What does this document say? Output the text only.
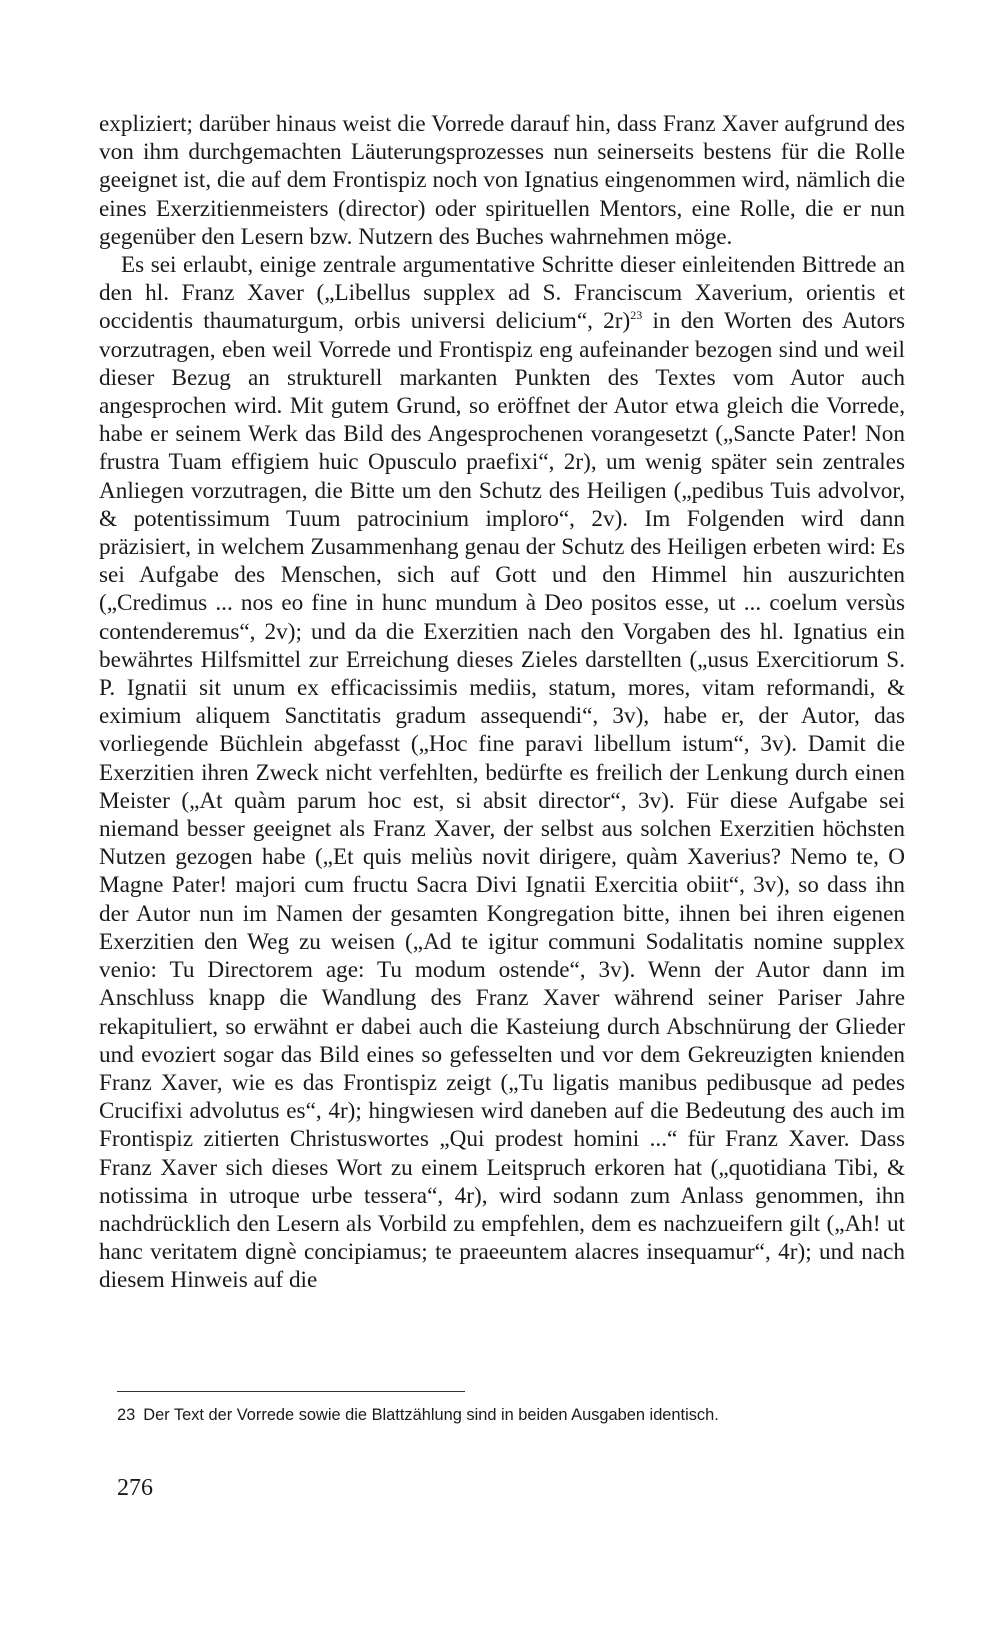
expliziert; darüber hinaus weist die Vorrede darauf hin, dass Franz Xaver aufgrund des von ihm durchgemachten Läuterungsprozesses nun seinerseits bestens für die Rolle geeignet ist, die auf dem Frontispiz noch von Ignatius eingenommen wird, nämlich die eines Exerzitienmeisters (director) oder spirituellen Mentors, eine Rolle, die er nun gegenüber den Lesern bzw. Nutzern des Buches wahrnehmen möge.

Es sei erlaubt, einige zentrale argumentative Schritte dieser einleitenden Bittrede an den hl. Franz Xaver („Libellus supplex ad S. Franciscum Xaverium, orientis et occidentis thaumaturgum, orbis universi delicium“, 2r)$^{23}$ in den Worten des Autors vorzutragen, eben weil Vorrede und Frontispiz eng aufeinander bezogen sind und weil dieser Bezug an strukturell markanten Punkten des Textes vom Autor auch angesprochen wird. Mit gutem Grund, so eröffnet der Autor etwa gleich die Vorrede, habe er seinem Werk das Bild des Angesprochenen vorangesetzt („Sancte Pater! Non frustra Tuam effigiem huic Opusculo praefixi“, 2r), um wenig später sein zentrales Anliegen vorzutragen, die Bitte um den Schutz des Heiligen („pedibus Tuis advolvor, & potentissimum Tuum patrocinium imploro“, 2v). Im Folgenden wird dann präzisiert, in welchem Zusammenhang genau der Schutz des Heiligen erbeten wird: Es sei Aufgabe des Menschen, sich auf Gott und den Himmel hin auszurichten („Credimus ... nos eo fine in hunc mundum à Deo positos esse, ut ... coelum versùs contenderemus“, 2v); und da die Exerzitien nach den Vorgaben des hl. Ignatius ein bewährtes Hilfsmittel zur Erreichung dieses Zieles darstellten („usus Exercitiorum S. P. Ignatii sit unum ex efficacissimis mediis, statum, mores, vitam reformandi, & eximium aliquem Sanctitatis gradum assequendi“, 3v), habe er, der Autor, das vorliegende Büchlein abgefasst („Hoc fine paravi libellum istum“, 3v). Damit die Exerzitien ihren Zweck nicht verfehlten, bedürfte es freilich der Lenkung durch einen Meister („At quàm parum hoc est, si absit director“, 3v). Für diese Aufgabe sei niemand besser geeignet als Franz Xaver, der selbst aus solchen Exerzitien höchsten Nutzen gezogen habe („Et quis meliùs novit dirigere, quàm Xaverius? Nemo te, O Magne Pater! majori cum fructu Sacra Divi Ignatii Exercitia obiit“, 3v), so dass ihn der Autor nun im Namen der gesamten Kongregation bitte, ihnen bei ihren eigenen Exerzitien den Weg zu weisen („Ad te igitur communi Sodalitatis nomine supplex venio: Tu Directorem age: Tu modum ostende“, 3v). Wenn der Autor dann im Anschluss knapp die Wandlung des Franz Xaver während seiner Pariser Jahre rekapituliert, so erwähnt er dabei auch die Kasteiung durch Abschnürung der Glieder und evoziert sogar das Bild eines so gefesselten und vor dem Gekreuzigten knienden Franz Xaver, wie es das Frontispiz zeigt („Tu ligatis manibus pedibusque ad pedes Crucifixi advolutus es“, 4r); hingwiesen wird daneben auf die Bedeutung des auch im Frontispiz zitierten Christuswortes „Qui prodest homini ...“ für Franz Xaver. Dass Franz Xaver sich dieses Wort zu einem Leitspruch erkoren hat („quotidiana Tibi, & notissima in utroque urbe tessera“, 4r), wird sodann zum Anlass genommen, ihn nachdrücklich den Lesern als Vorbild zu empfehlen, dem es nachzueifern gilt („Ah! ut hanc veritatem dignè concipiamus; te praeeuntem alacres insequamur“, 4r); und nach diesem Hinweis auf die

23 Der Text der Vorrede sowie die Blattzählung sind in beiden Ausgaben identisch.
276
